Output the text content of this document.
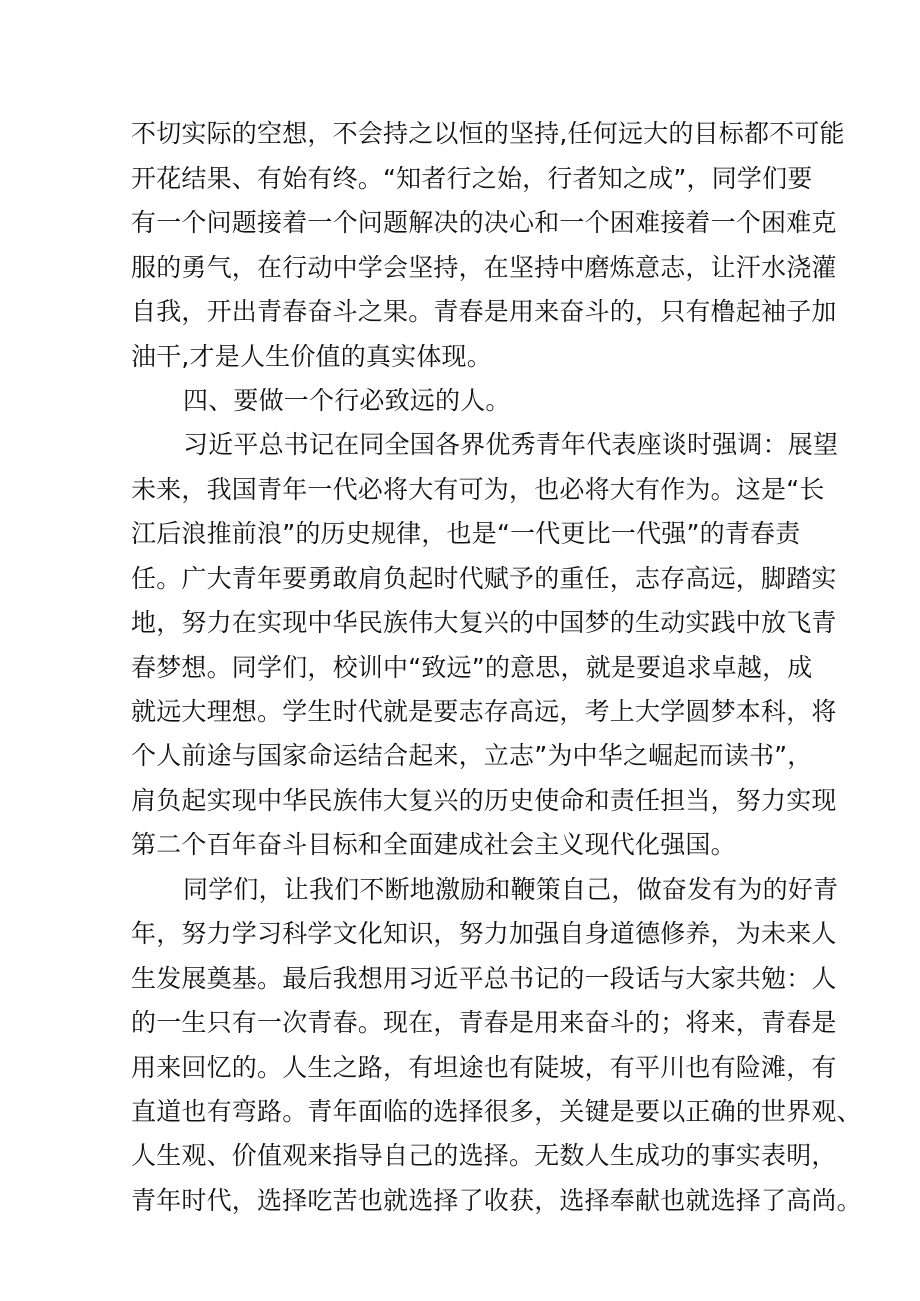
不切实际的空想，不会持之以恒的坚持,任何远大的目标都不可能
开花结果、有始有终。“知者行之始，行者知之成”，同学们要
有一个问题接着一个问题解决的决心和一个困难接着一个困难克
服的勇气，在行动中学会坚持，在坚持中磨炼意志，让汗水浇灌
自我，开出青春奋斗之果。青春是用来奋斗的，只有橹起袖子加
油干,才是人生价值的真实体现。
四、要做一个行必致远的人。
习近平总书记在同全国各界优秀青年代表座谈时强调：展望
未来，我国青年一代必将大有可为，也必将大有作为。这是“长
江后浪推前浪”的历史规律，也是“一代更比一代强”的青春责
任。广大青年要勇敢肩负起时代赋予的重任，志存高远，脚踏实
地，努力在实现中华民族伟大复兴的中国梦的生动实践中放飞青
春梦想。同学们，校训中“致远”的意思，就是要追求卓越，成
就远大理想。学生时代就是要志存高远，考上大学圆梦本科，将
个人前途与国家命运结合起来，立志”为中华之崛起而读书”，
肩负起实现中华民族伟大复兴的历史使命和责任担当，努力实现
第二个百年奋斗目标和全面建成社会主义现代化强国。
同学们，让我们不断地激励和鞭策自己，做奋发有为的好青
年，努力学习科学文化知识，努力加强自身道德修养，为未来人
生发展奠基。最后我想用习近平总书记的一段话与大家共勉：人
的一生只有一次青春。现在，青春是用来奋斗的；将来，青春是
用来回忆的。人生之路，有坦途也有陡坡，有平川也有险滩，有
直道也有弯路。青年面临的选择很多，关键是要以正确的世界观、
人生观、价值观来指导自己的选择。无数人生成功的事实表明，
青年时代，选择吃苦也就选择了收获，选择奉献也就选择了高尚。
